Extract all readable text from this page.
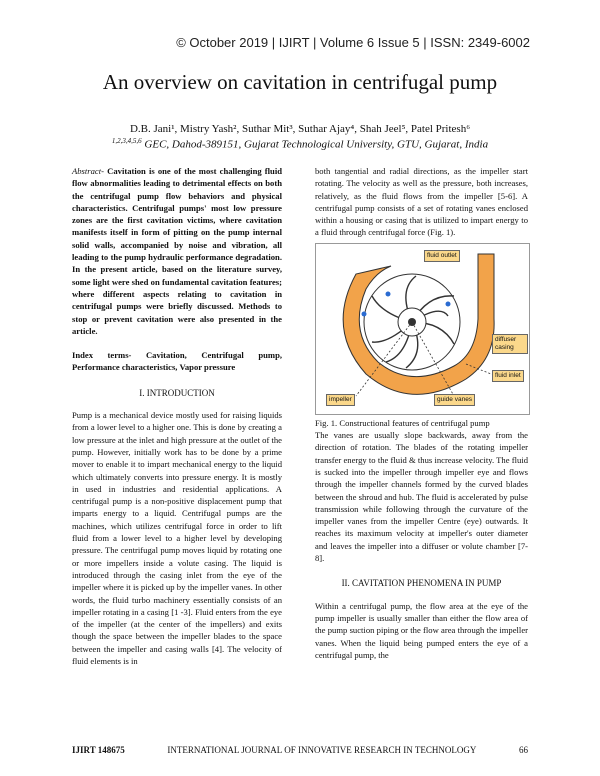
© October 2019 | IJIRT | Volume 6 Issue 5 | ISSN: 2349-6002
An overview on cavitation in centrifugal pump
D.B. Jani¹, Mistry Yash², Suthar Mit³, Suthar Ajay⁴, Shah Jeel⁵, Patel Pritesh⁶
$^{1,2,3,4,5,6}$ GEC, Dahod-389151, Gujarat Technological University, GTU, Gujarat, India

Abstract- Cavitation is one of the most challenging fluid flow abnormalities leading to detrimental effects on both the centrifugal pump flow behaviors and physical characteristics. Centrifugal pumps' most low pressure zones are the first cavitation victims, where cavitation manifests itself in form of pitting on the pump internal solid walls, accompanied by noise and vibration, all leading to the pump hydraulic performance degradation. In the present article, based on the literature survey, some light were shed on fundamental cavitation features; where different aspects relating to cavitation in centrifugal pumps were briefly discussed. Methods to stop or prevent cavitation were also presented in the article.

Index terms- Cavitation, Centrifugal pump, Performance characteristics, Vapor pressure

I. INTRODUCTION

Pump is a mechanical device mostly used for raising liquids from a lower level to a higher one. This is done by creating a low pressure at the inlet and high pressure at the outlet of the pump. However, initially work has to be done by a prime mover to enable it to impart mechanical energy to the liquid which ultimately converts into pressure energy. It is mostly in used in industries and residential applications. A centrifugal pump is a non-positive displacement pump that imparts energy to a liquid. Centrifugal pumps are the machines, which utilizes centrifugal force in order to lift fluid from a lower level to a higher level by developing pressure. The centrifugal pump moves liquid by rotating one or more impellers inside a volute casing. The liquid is introduced through the casing inlet from the eye of the impeller where it is picked up by the impeller vanes. In other words, the fluid turbo machinery essentially consists of an impeller rotating in a casing [1 -3]. Fluid enters from the eye of the impeller (at the center of the impellers) and exits though the space between the impeller blades to the space between the impeller and casing walls [4]. The velocity of fluid elements is in

both tangential and radial directions, as the impeller start rotating. The velocity as well as the pressure, both increases, relatively, as the fluid flows from the impeller [5-6]. A centrifugal pump consists of a set of rotating vanes enclosed within a housing or casing that is utilized to impart energy to a fluid through centrifugal force (Fig. 1).

fluid outlet
diffuser casing
fluid inlet
impeller	guide vanes

Fig. 1. Constructional features of centrifugal pump

The vanes are usually slope backwards, away from the direction of rotation. The blades of the rotating impeller transfer energy to the fluid & thus increase velocity. The fluid is sucked into the impeller through impeller eye and flows through the impeller channels formed by the curved blades between the shroud and hub. The fluid is accelerated by pulse transmission while following through the curvature of the impeller vanes from the impeller Centre (eye) outwards. It reaches its maximum velocity at impeller's outer diameter and leaves the impeller into a diffuser or volute chamber [7-8].

II. CAVITATION PHENOMENA IN PUMP

Within a centrifugal pump, the flow area at the eye of the pump impeller is usually smaller than either the flow area of the pump suction piping or the flow area through the impeller vanes. When the liquid being pumped enters the eye of a centrifugal pump, the

IJIRT 148675	INTERNATIONAL JOURNAL OF INNOVATIVE RESEARCH IN TECHNOLOGY	66
